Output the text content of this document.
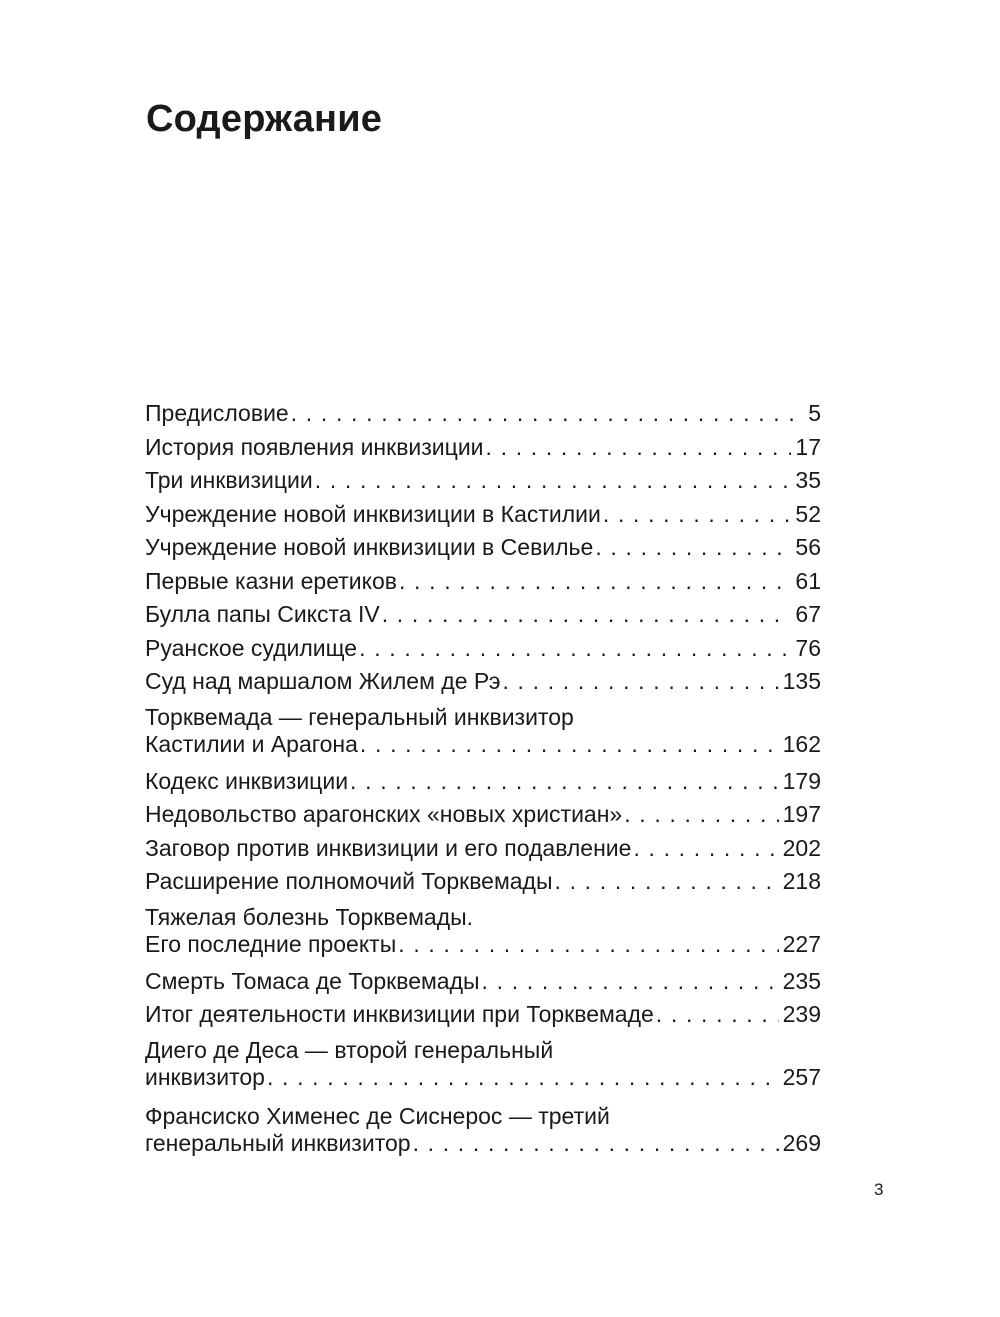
Содержание
Предисловие . . .	5
История появления инквизиции . . .	17
Три инквизиции . . .	35
Учреждение новой инквизиции в Кастилии . . .	52
Учреждение новой инквизиции в Севилье . . .	56
Первые казни еретиков . . .	61
Булла папы Сикста IV . . .	67
Руанское судилище . . .	76
Суд над маршалом Жилем де Рэ . . .	135
Торквемада — генеральный инквизитор
Кастилии и Арагона . . .	162
Кодекс инквизиции . . .	179
Недовольство арагонских «новых христиан» . . .	197
Заговор против инквизиции и его подавление . . .	202
Расширение полномочий Торквемады . . .	218
Тяжелая болезнь Торквемады.
Его последние проекты . . .	227
Смерть Томаса де Торквемады . . .	235
Итог деятельности инквизиции при Торквемаде . . .	239
Диего де Деса — второй генеральный
инквизитор . . .	257
Франсиско Хименес де Сиснерос — третий
генеральный инквизитор . . .	269
3
